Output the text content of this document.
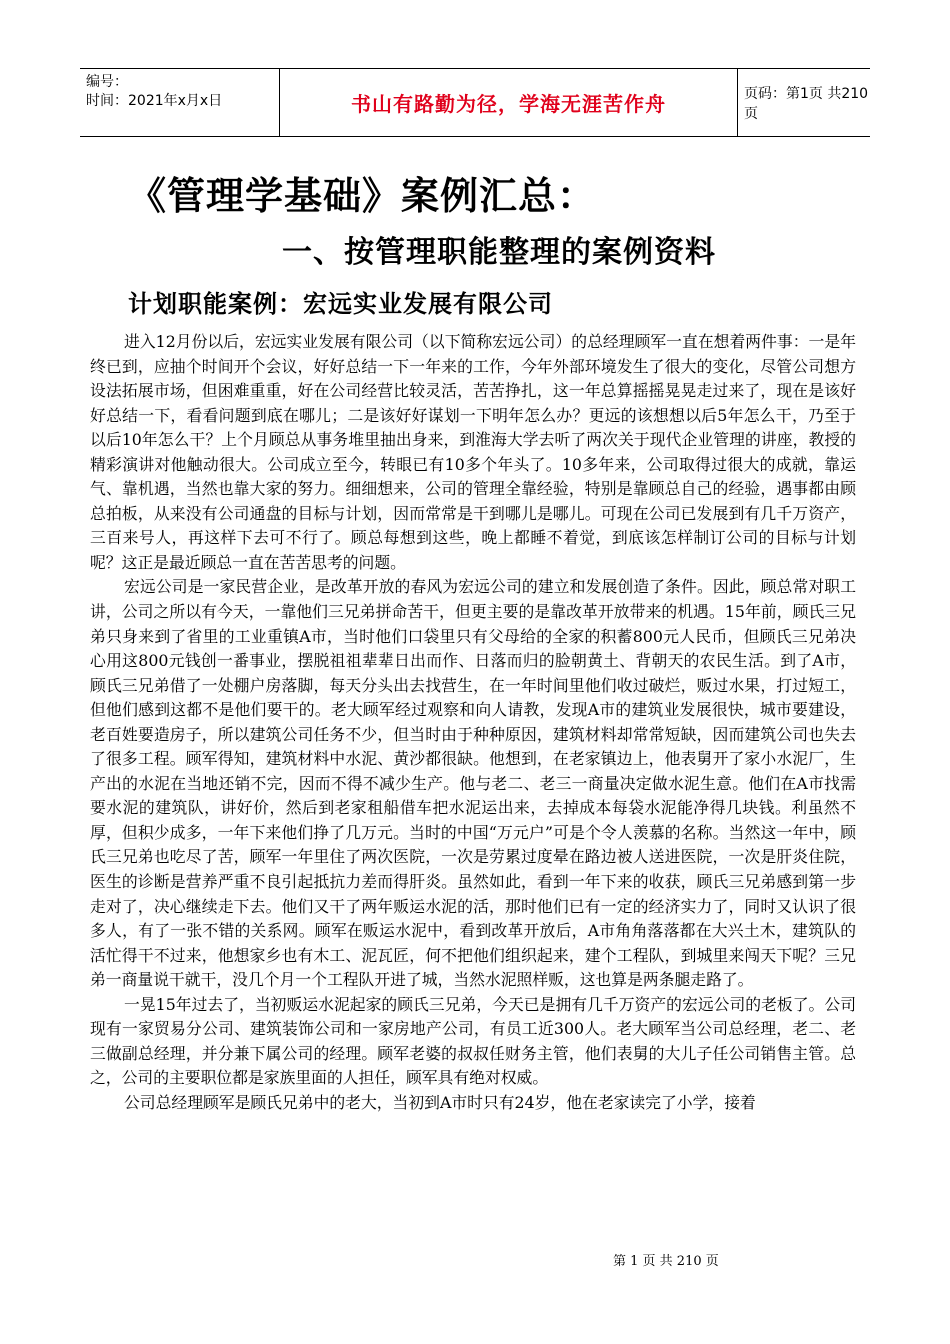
编号：
时间：2021年x月x日	书山有路勤为径，学海无涯苦作舟	页码：第1页 共210页
《管理学基础》案例汇总：
一、按管理职能整理的案例资料
计划职能案例：宏远实业发展有限公司

进入12月份以后，宏远实业发展有限公司（以下简称宏远公司）的总经理顾军一直在想着两件事：一是年终已到，应抽个时间开个会议，好好总结一下一年来的工作，今年外部环境发生了很大的变化，尽管公司想方设法拓展市场，但困难重重，好在公司经营比较灵活，苦苦挣扎，这一年总算摇摇晃晃走过来了，现在是该好好总结一下，看看问题到底在哪儿；二是该好好谋划一下明年怎么办？更远的该想想以后5年怎么干，乃至于以后10年怎么干？上个月顾总从事务堆里抽出身来，到淮海大学去听了两次关于现代企业管理的讲座，教授的精彩演讲对他触动很大。公司成立至今，转眼已有10多个年头了。10多年来，公司取得过很大的成就，靠运气、靠机遇，当然也靠大家的努力。细细想来，公司的管理全靠经验，特别是靠顾总自己的经验，遇事都由顾总拍板，从来没有公司通盘的目标与计划，因而常常是干到哪儿是哪儿。可现在公司已发展到有几千万资产，三百来号人，再这样下去可不行了。顾总每想到这些，晚上都睡不着觉，到底该怎样制订公司的目标与计划呢？这正是最近顾总一直在苦苦思考的问题。

宏远公司是一家民营企业，是改革开放的春风为宏远公司的建立和发展创造了条件。因此，顾总常对职工讲，公司之所以有今天，一靠他们三兄弟拼命苦干，但更主要的是靠改革开放带来的机遇。15年前，顾氏三兄弟只身来到了省里的工业重镇A市，当时他们口袋里只有父母给的全家的积蓄800元人民币，但顾氏三兄弟决心用这800元钱创一番事业，摆脱祖祖辈辈日出而作、日落而归的脸朝黄土、背朝天的农民生活。到了A市，顾氏三兄弟借了一处棚户房落脚，每天分头出去找营生，在一年时间里他们收过破烂，贩过水果，打过短工，但他们感到这都不是他们要干的。老大顾军经过观察和向人请教，发现A市的建筑业发展很快，城市要建设，老百姓要造房子，所以建筑公司任务不少，但当时由于种种原因，建筑材料却常常短缺，因而建筑公司也失去了很多工程。顾军得知，建筑材料中水泥、黄沙都很缺。他想到，在老家镇边上，他表舅开了家小水泥厂，生产出的水泥在当地还销不完，因而不得不减少生产。他与老二、老三一商量决定做水泥生意。他们在A市找需要水泥的建筑队，讲好价，然后到老家租船借车把水泥运出来，去掉成本每袋水泥能净得几块钱。利虽然不厚，但积少成多，一年下来他们挣了几万元。当时的中国“万元户”可是个令人羡慕的名称。当然这一年中，顾氏三兄弟也吃尽了苦，顾军一年里住了两次医院，一次是劳累过度晕在路边被人送进医院，一次是肝炎住院，医生的诊断是营养严重不良引起抵抗力差而得肝炎。虽然如此，看到一年下来的收获，顾氏三兄弟感到第一步走对了，决心继续走下去。他们又干了两年贩运水泥的活，那时他们已有一定的经济实力了，同时又认识了很多人，有了一张不错的关系网。顾军在贩运水泥中，看到改革开放后，A市角角落落都在大兴土木，建筑队的活忙得干不过来，他想家乡也有木工、泥瓦匠，何不把他们组织起来，建个工程队，到城里来闯天下呢？三兄弟一商量说干就干，没几个月一个工程队开进了城，当然水泥照样贩，这也算是两条腿走路了。

一晃15年过去了，当初贩运水泥起家的顾氏三兄弟，今天已是拥有几千万资产的宏远公司的老板了。公司现有一家贸易分公司、建筑装饰公司和一家房地产公司，有员工近300人。老大顾军当公司总经理，老二、老三做副总经理，并分兼下属公司的经理。顾军老婆的叔叔任财务主管，他们表舅的大儿子任公司销售主管。总之，公司的主要职位都是家族里面的人担任，顾军具有绝对权威。

公司总经理顾军是顾氏兄弟中的老大，当初到A市时只有24岁，他在老家读完了小学，接着

第 1 页 共 210 页
